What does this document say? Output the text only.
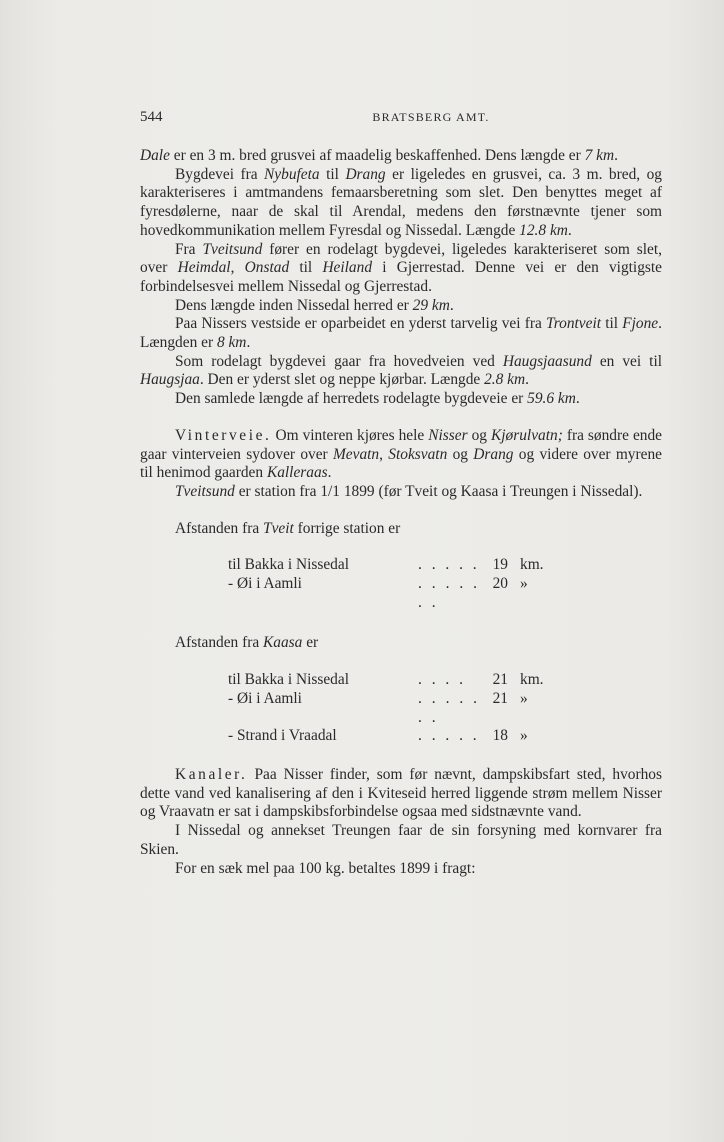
544	BRATSBERG AMT.

Dale er en 3 m. bred grusvei af maadelig beskaffenhed. Dens længde er 7 km.

Bygdevei fra Nybufeta til Drang er ligeledes en grusvei, ca. 3 m. bred, og karakteriseres i amtmandens femaarsberetning som slet. Den benyttes meget af fyresdølerne, naar de skal til Arendal, medens den førstnævnte tjener som hovedkommunikation mellem Fyresdal og Nissedal. Længde 12.8 km.

Fra Tveitsund fører en rodelagt bygdevei, ligeledes karakteriseret som slet, over Heimdal, Onstad til Heiland i Gjerrestad. Denne vei er den vigtigste forbindelsesvei mellem Nissedal og Gjerrestad.

Dens længde inden Nissedal herred er 29 km.

Paa Nissers vestside er oparbeidet en yderst tarvelig vei fra Trontveit til Fjone. Længden er 8 km.

Som rodelagt bygdevei gaar fra hovedveien ved Haugsjaasund en vei til Haugsjaa. Den er yderst slet og neppe kjørbar. Længde 2.8 km.

Den samlede længde af herredets rodelagte bygdeveie er 59.6 km.

Vinterveie. Om vinteren kjøres hele Nisser og Kjørulvatn; fra søndre ende gaar vinterveien sydover over Mevatn, Stoksvatn og Drang og videre over myrene til henimod gaarden Kalleraas.

Tveitsund er station fra 1/1 1899 (før Tveit og Kaasa i Treungen i Nissedal).

Afstanden fra Tveit forrige station er
til Bakka i Nissedal	. . . . .	19	km.
- Øi i Aamli	. . . . . . .	20	»
Afstanden fra Kaasa er
til Bakka i Nissedal	. . . .	21	km.
- Øi i Aamli	. . . . . . .	21	»
- Strand i Vraadal	. . . . .	18	»

Kanaler. Paa Nisser finder, som før nævnt, dampskibsfart sted, hvorhos dette vand ved kanalisering af den i Kviteseid herred liggende strøm mellem Nisser og Vraavatn er sat i dampskibsforbindelse ogsaa med sidstnævnte vand.

I Nissedal og annekset Treungen faar de sin forsyning med kornvarer fra Skien.

For en sæk mel paa 100 kg. betaltes 1899 i fragt:
